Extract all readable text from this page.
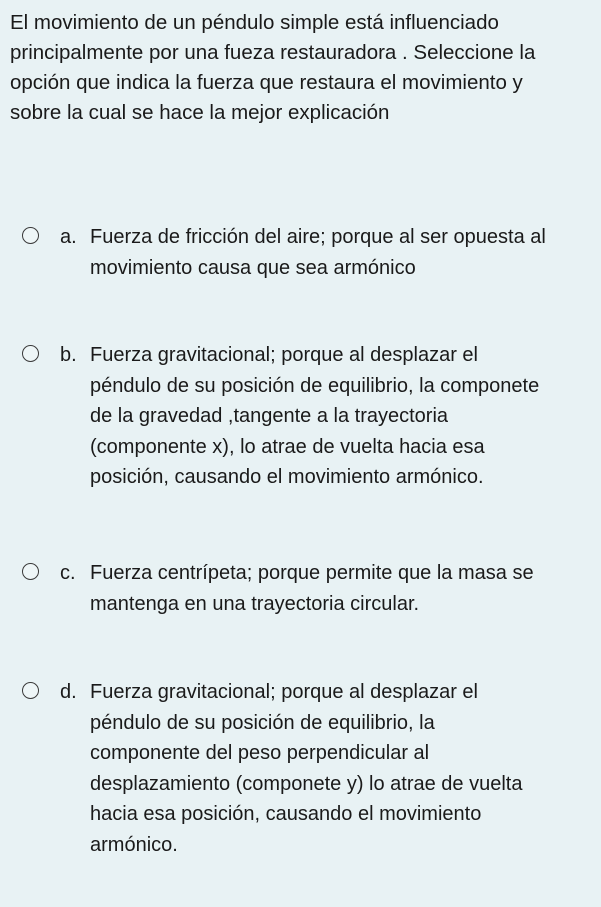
El movimiento de un péndulo simple está influenciado
principalmente por una fueza restauradora . Seleccione la
opción que indica la fuerza que restaura el movimiento y
sobre la cual se hace la mejor explicación

a. Fuerza de fricción del aire; porque al ser opuesta al
movimiento causa que sea armónico
b. Fuerza gravitacional; porque al desplazar el
péndulo de su posición de equilibrio, la componete
de la gravedad ,tangente a la trayectoria
(componente x), lo atrae de vuelta hacia esa
posición, causando el movimiento armónico.
c. Fuerza centrípeta; porque permite que la masa se
mantenga en una trayectoria circular.
d. Fuerza gravitacional; porque al desplazar el
péndulo de su posición de equilibrio, la
componente del peso perpendicular al
desplazamiento (componete y) lo atrae de vuelta
hacia esa posición, causando el movimiento
armónico.
